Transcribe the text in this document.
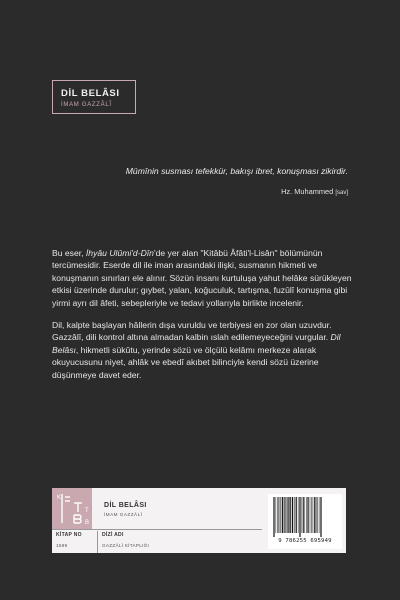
DİL BELÂSI
İMAM GAZZÂLÎ
Mümînin susması tefekkür, bakışı ibret, konuşması zikirdir.
Hz. Muhammed [sav]

Bu eser, İhyâu Ulûmi'd-Dîn'de yer alan "Kitâbü Âfâti'l-Lisân" bölümünün tercümesidir. Eserde dil ile iman arasındaki ilişki, susmanın hikmeti ve konuşmanın sınırları ele alınır. Sözün insanı kurtuluşa yahut helâke sürükleyen etkisi üzerinde durulur; gıybet, yalan, koğuculuk, tartışma, fuzûlî konuşma gibi yirmi ayrı dil âfeti, sebepleriyle ve tedavi yollarıyla birlikte incelenir.

Dil, kalpte başlayan hâllerin dışa vuruldu ve terbiyesi en zor olan uzuvdur. Gazzâlî, dili kontrol altına almadan kalbin ıslah edilemeyeceğini vurgular. Dil Belâsı, hikmetli sükûtu, yerinde sözü ve ölçülü kelâmı merkeze alarak okuyucusunu niyet, ahlâk ve ebedî akıbet bilinciyle kendi sözü üzerine düşünmeye davet eder.

K
T
B
DİL BELÂSI
İMAM GAZZÂLÎ
KİTAP NO
1599
DİZİ ADI
GAZZÂLÎ KİTAPLIĞI
9 786255 695949
